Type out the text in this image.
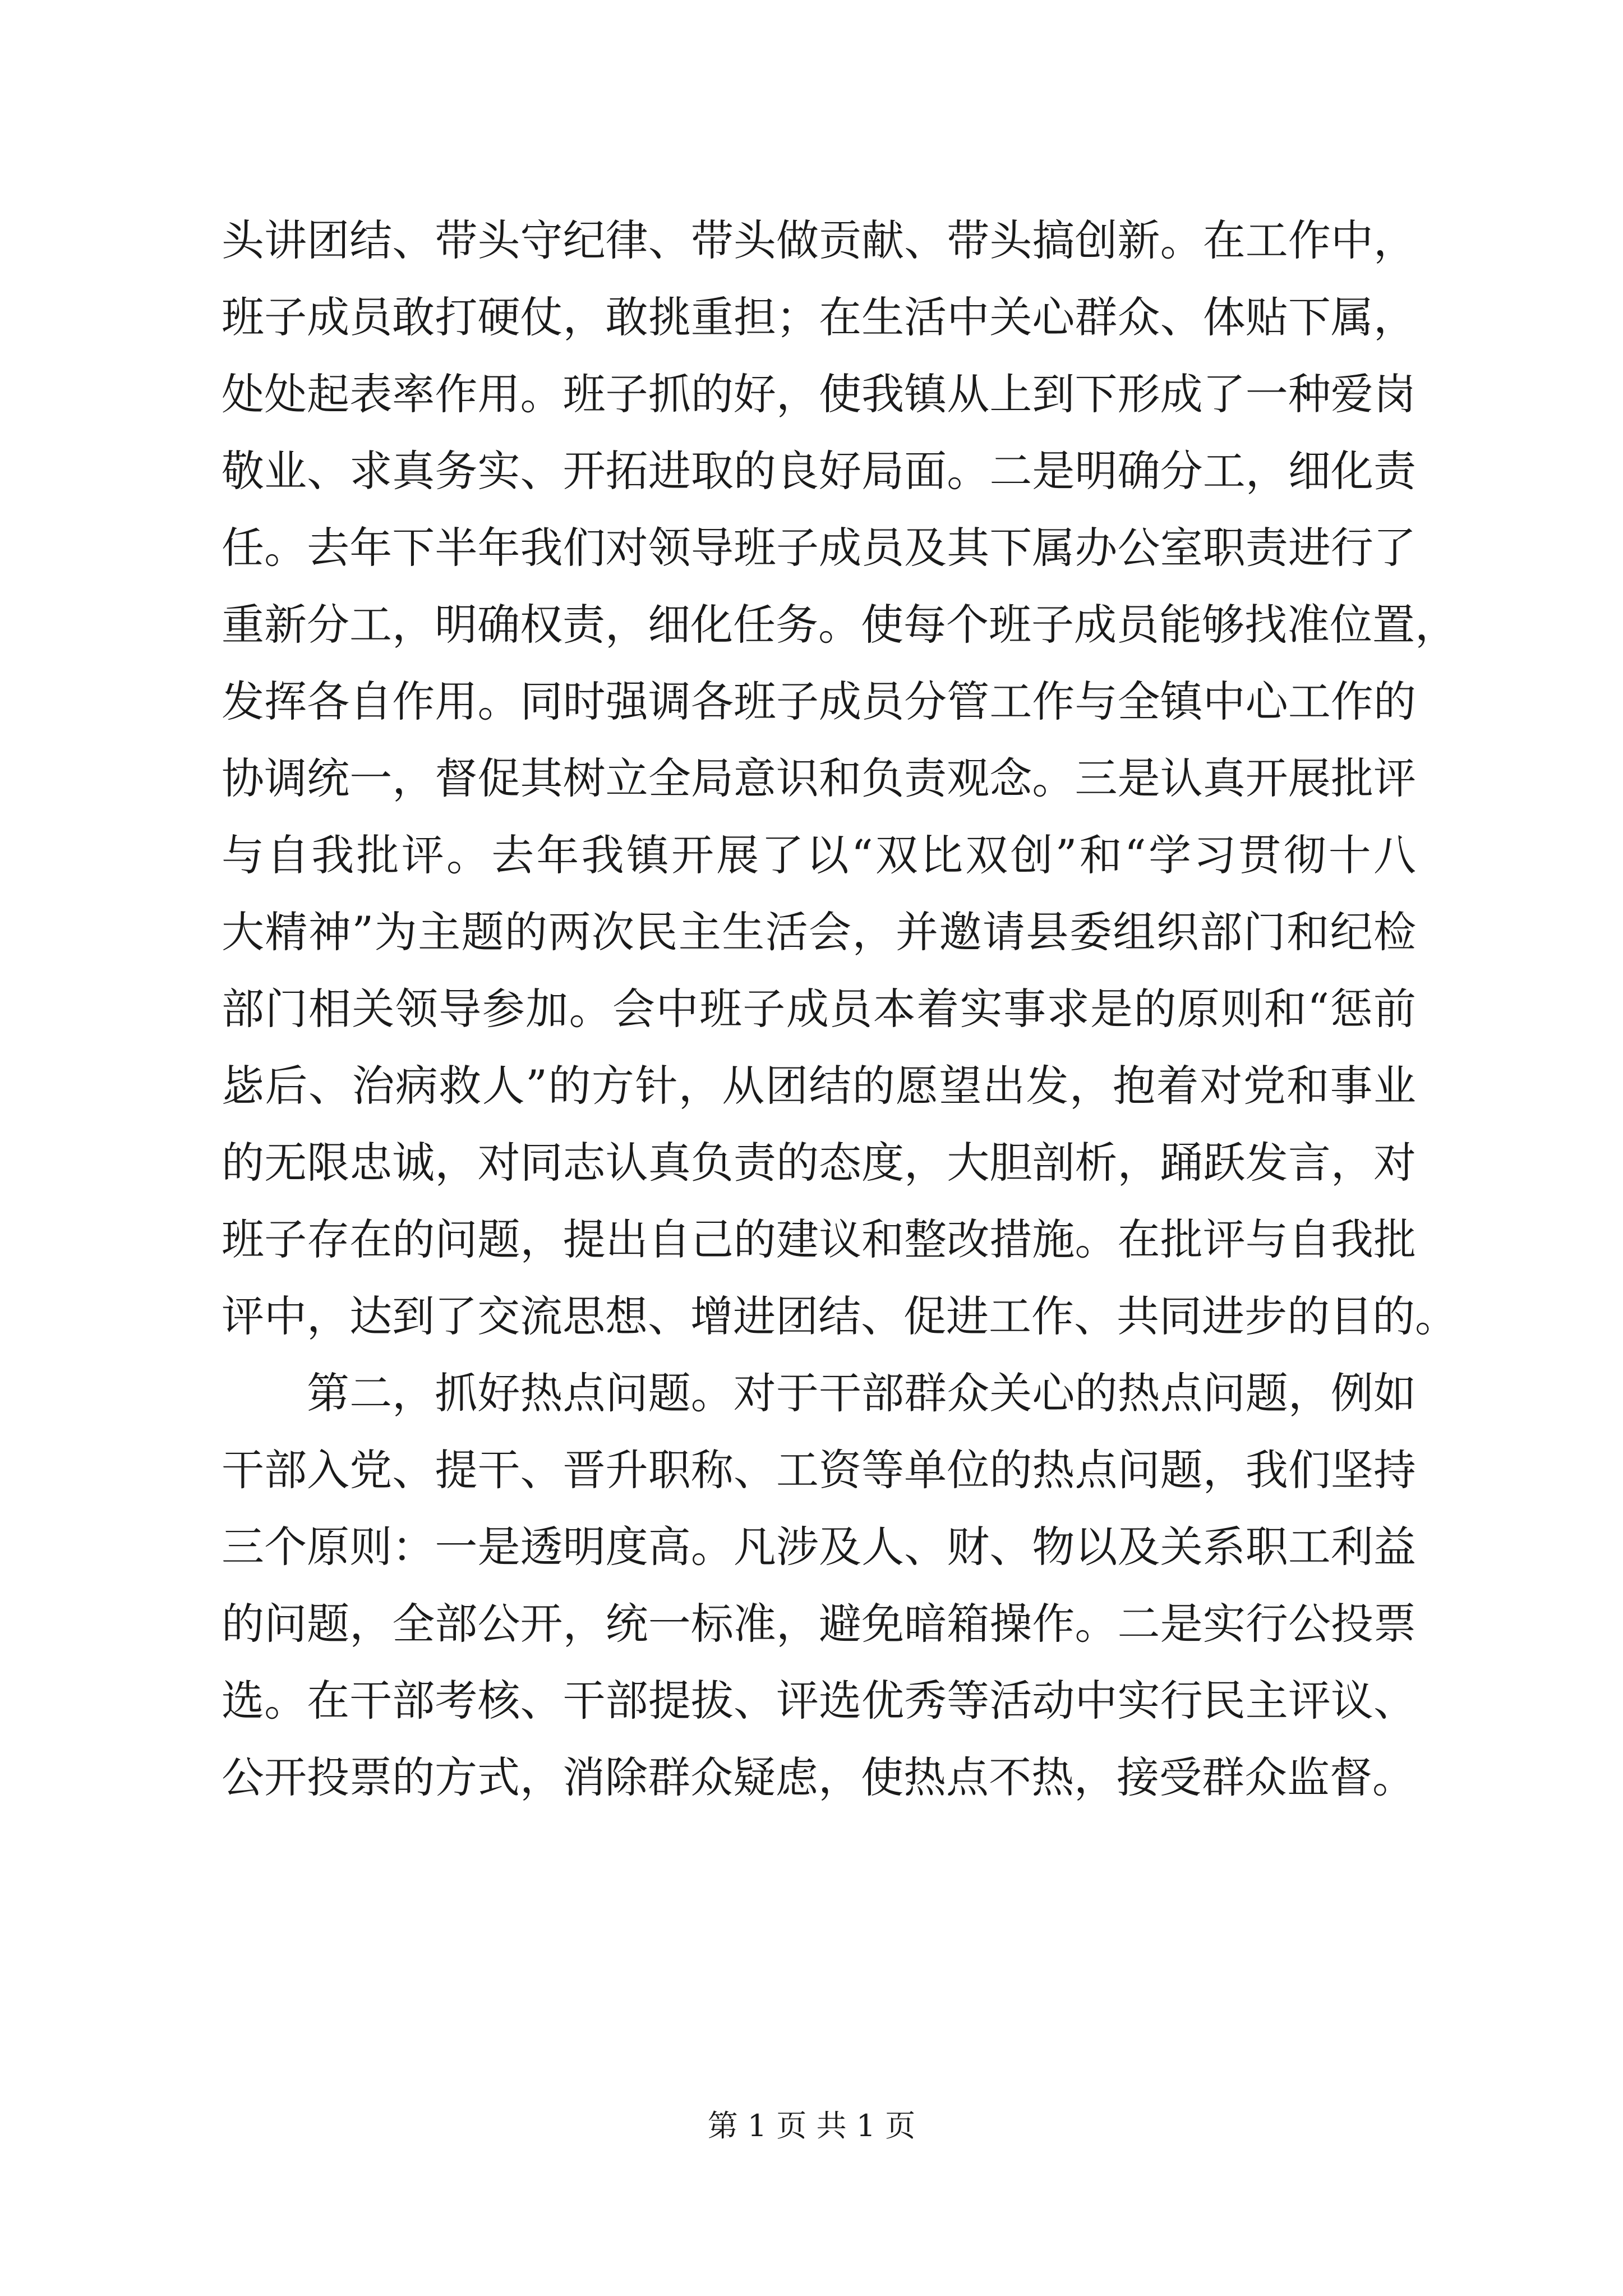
头讲团结、带头守纪律、带头做贡献、带头搞创新。在工作中，
班子成员敢打硬仗，敢挑重担；在生活中关心群众、体贴下属，
处处起表率作用。班子抓的好，使我镇从上到下形成了一种爱岗
敬业、求真务实、开拓进取的良好局面。二是明确分工，细化责
任。去年下半年我们对领导班子成员及其下属办公室职责进行了
重新分工，明确权责，细化任务。使每个班子成员能够找准位置，
发挥各自作用。同时强调各班子成员分管工作与全镇中心工作的
协调统一，督促其树立全局意识和负责观念。三是认真开展批评
与自我批评。去年我镇开展了以“双比双创”和“学习贯彻十八
大精神”为主题的两次民主生活会，并邀请县委组织部门和纪检
部门相关领导参加。会中班子成员本着实事求是的原则和“惩前
毖后、治病救人”的方针，从团结的愿望出发，抱着对党和事业
的无限忠诚，对同志认真负责的态度，大胆剖析，踊跃发言，对
班子存在的问题，提出自己的建议和整改措施。在批评与自我批
评中，达到了交流思想、增进团结、促进工作、共同进步的目的。
第二，抓好热点问题。对于干部群众关心的热点问题，例如
干部入党、提干、晋升职称、工资等单位的热点问题，我们坚持
三个原则：一是透明度高。凡涉及人、财、物以及关系职工利益
的问题，全部公开，统一标准，避免暗箱操作。二是实行公投票
选。在干部考核、干部提拔、评选优秀等活动中实行民主评议、
公开投票的方式，消除群众疑虑，使热点不热，接受群众监督。
第 1 页 共 1 页
